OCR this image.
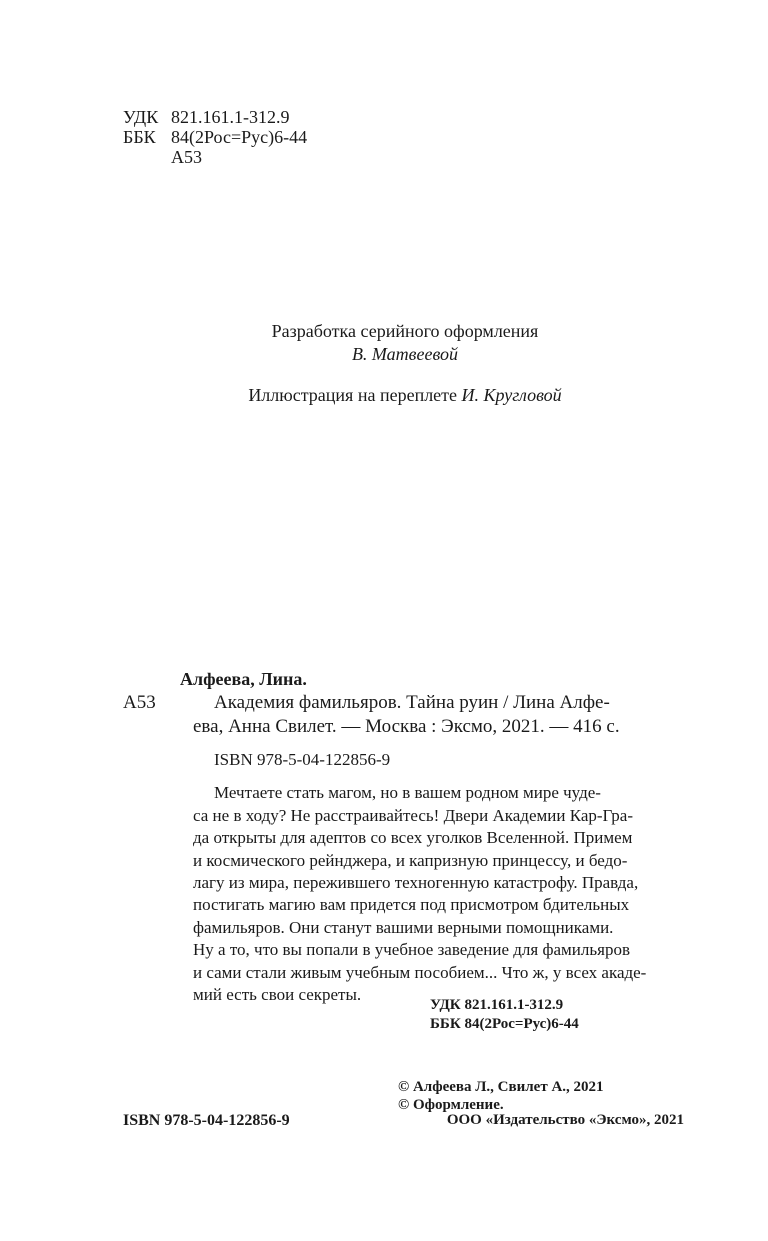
УДК 821.161.1-312.9
ББК 84(2Рос=Рус)6-44
А53
Разработка серийного оформления
В. Матвеевой
Иллюстрация на переплете И. Кругловой
Алфеева, Лина.
А53	Академия фамильяров. Тайна руин / Лина Алфе-
ева, Анна Свилет. — Москва : Эксмо, 2021. — 416 с.
ISBN 978-5-04-122856-9
Мечтаете стать магом, но в вашем родном мире чуде-
са не в ходу? Не расстраивайтесь! Двери Академии Кар-Гра-
да открыты для адептов со всех уголков Вселенной. Примем
и космического рейнджера, и капризную принцессу, и бедо-
лагу из мира, пережившего техногенную катастрофу. Правда,
постигать магию вам придется под присмотром бдительных
фамильяров. Они станут вашими верными помощниками.
Ну а то, что вы попали в учебное заведение для фамильяров
и сами стали живым учебным пособием... Что ж, у всех акаде-
мий есть свои секреты.
УДК 821.161.1-312.9
ББК 84(2Рос=Рус)6-44
ISBN 978-5-04-122856-9
© Алфеева Л., Свилет А., 2021
© Оформление.
ООО «Издательство «Эксмо», 2021
